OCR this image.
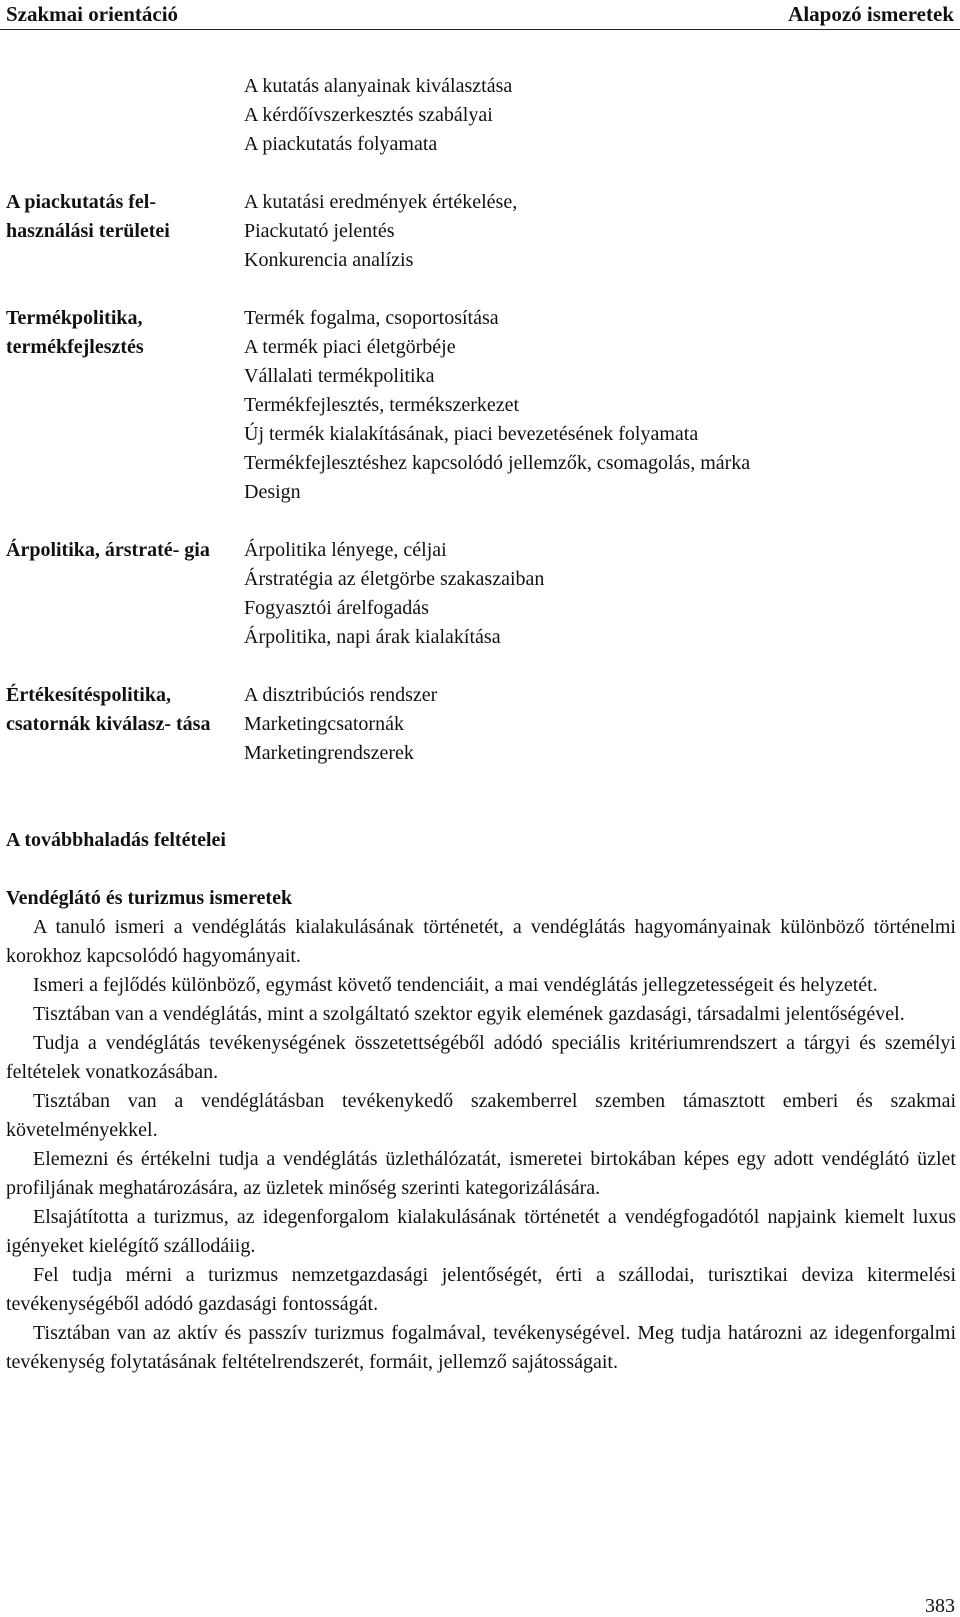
Szakmai orientáció	Alapozó ismeretek
A kutatás alanyainak kiválasztása
A kérdőívszerkesztés szabályai
A piackutatás folyamata
A piackutatás fel- használási területei
A kutatási eredmények értékelése,
Piackutató jelentés
Konkurencia analízis
Termékpolitika, termékfejlesztés
Termék fogalma, csoportosítása
A termék piaci életgörbéje
Vállalati termékpolitika
Termékfejlesztés, termékszerkezet
Új termék kialakításának, piaci bevezetésének folyamata
Termékfejlesztéshez kapcsolódó jellemzők, csomagolás, márka
Design
Árpolitika, árstraté- gia	Árpolitika lényege, céljai
Árstratégia az életgörbe szakaszaiban
Fogyasztói árelfogadás
Árpolitika, napi árak kialakítása
Értékesítéspolitika, csatornák kiválasz- tása
A disztribúciós rendszer
Marketingcsatornák
Marketingrendszerek
A továbbhaladás feltételei
Vendéglátó és turizmus ismeretek

A tanuló ismeri a vendéglátás kialakulásának történetét, a vendéglátás hagyományainak különböző történelmi korokhoz kapcsolódó hagyományait.

Ismeri a fejlődés különböző, egymást követő tendenciáit, a mai vendéglátás jellegzetességeit és helyzetét.

Tisztában van a vendéglátás, mint a szolgáltató szektor egyik elemének gazdasági, társadalmi jelentőségével.

Tudja a vendéglátás tevékenységének összetettségéből adódó speciális kritériumrendszert a tárgyi és személyi feltételek vonatkozásában.

Tisztában van a vendéglátásban tevékenykedő szakemberrel szemben támasztott emberi és szakmai követelményekkel.

Elemezni és értékelni tudja a vendéglátás üzlethálózatát, ismeretei birtokában képes egy adott vendéglátó üzlet profiljának meghatározására, az üzletek minőség szerinti kategorizálására.

Elsajátította a turizmus, az idegenforgalom kialakulásának történetét a vendégfogadótól napjaink kiemelt luxus igényeket kielégítő szállodáiig.

Fel tudja mérni a turizmus nemzetgazdasági jelentőségét, érti a szállodai, turisztikai deviza kitermelési tevékenységéből adódó gazdasági fontosságát.

Tisztában van az aktív és passzív turizmus fogalmával, tevékenységével. Meg tudja határozni az idegenforgalmi tevékenység folytatásának feltételrendszerét, formáit, jellemző sajátosságait.

383
